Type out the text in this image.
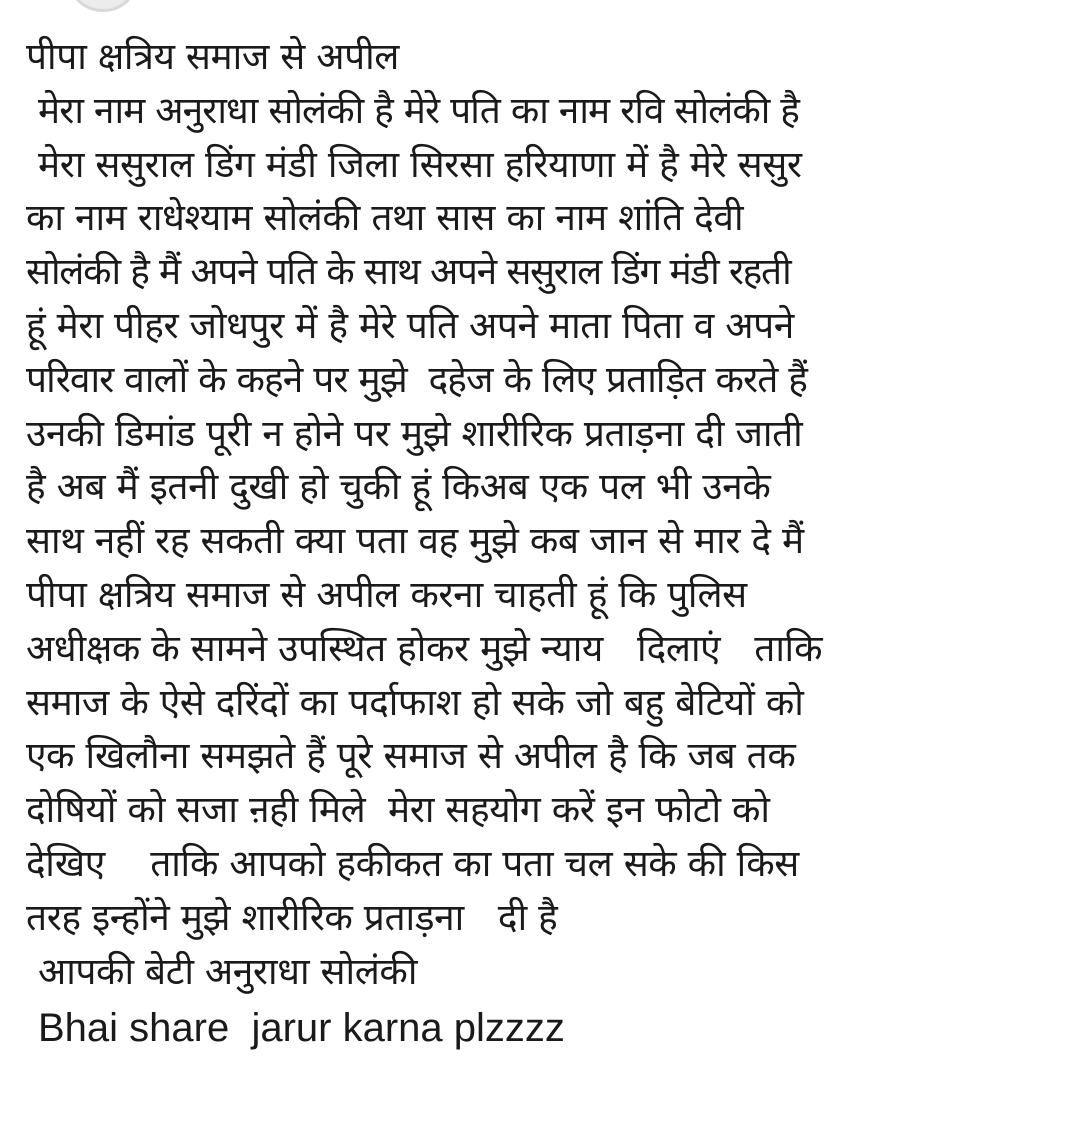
पीपा क्षत्रिय समाज से अपील
मेरा नाम अनुराधा सोलंकी है मेरे पति का नाम रवि सोलंकी है
मेरा ससुराल डिंग मंडी जिला सिरसा हरियाणा में है मेरे ससुर
का नाम राधेश्याम सोलंकी तथा सास का नाम शांति देवी
सोलंकी है मैं अपने पति के साथ अपने ससुराल डिंग मंडी रहती
हूं मेरा पीहर जोधपुर में है मेरे पति अपने माता पिता व अपने
परिवार वालों के कहने पर मुझे  दहेज के लिए प्रताड़ित करते हैं
उनकी डिमांड पूरी न होने पर मुझे शारीरिक प्रताड़ना दी जाती
है अब मैं इतनी दुखी हो चुकी हूं किअब एक पल भी उनके
साथ नहीं रह सकती क्या पता वह मुझे कब जान से मार दे मैं
पीपा क्षत्रिय समाज से अपील करना चाहती हूं कि पुलिस
अधीक्षक के सामने उपस्थित होकर मुझे न्याय   दिलाएं   ताकि
समाज के ऐसे दरिंदों का पर्दाफाश हो सके जो बहु बेटियों को
एक खिलौना समझते हैं पूरे समाज से अपील है कि जब तक
दोषियों को सजा ऩही मिले  मेरा सहयोग करें इन फोटो को
देखिए    ताकि आपको हकीकत का पता चल सके की किस
तरह इन्होंने मुझे शारीरिक प्रताड़ना   दी है
आपकी बेटी अनुराधा सोलंकी
Bhai share  jarur karna plzzzz
